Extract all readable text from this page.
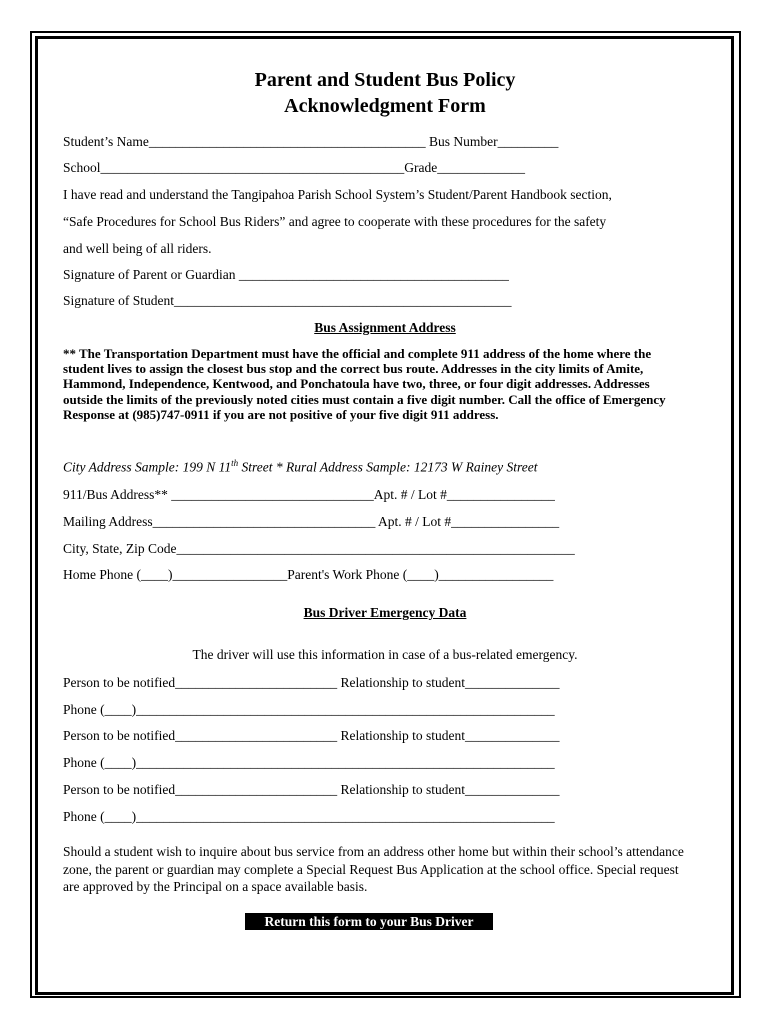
Parent and Student Bus Policy
Acknowledgment Form
Student’s Name_________________________________________ Bus Number_________
School_____________________________________________Grade_____________
I have read and understand the Tangipahoa Parish School System’s Student/Parent Handbook section,
“Safe Procedures for School Bus Riders” and agree to cooperate with these procedures for the safety
and well being of all riders.
Signature of Parent or Guardian ________________________________________
Signature of Student__________________________________________________
Bus Assignment Address
** The Transportation Department must have the official and complete 911 address of the home where the student lives to assign the closest bus stop and the correct bus route. Addresses in the city limits of Amite, Hammond, Independence, Kentwood, and Ponchatoula have two, three, or four digit addresses. Addresses outside the limits of the previously noted cities must contain a five digit number. Call the office of Emergency Response at (985)747-0911 if you are not positive of your five digit 911 address.
City Address Sample: 199 N 11th Street * Rural Address Sample: 12173 W Rainey Street
911/Bus Address** ______________________________Apt. # / Lot #________________
Mailing Address_________________________________ Apt. # / Lot #________________
City, State, Zip Code___________________________________________________________
Home Phone (____)_________________Parent's Work Phone (____)_________________
Bus Driver Emergency Data
The driver will use this information in case of a bus-related emergency.
Person to be notified________________________ Relationship to student______________
Phone (____)______________________________________________________________
Person to be notified________________________ Relationship to student______________
Phone (____)______________________________________________________________
Person to be notified________________________ Relationship to student______________
Phone (____)______________________________________________________________
Should a student wish to inquire about bus service from an address other home but within their school’s attendance zone, the parent or guardian may complete a Special Request Bus Application at the school office. Special request are approved by the Principal on a space available basis.
Return this form to your Bus Driver
